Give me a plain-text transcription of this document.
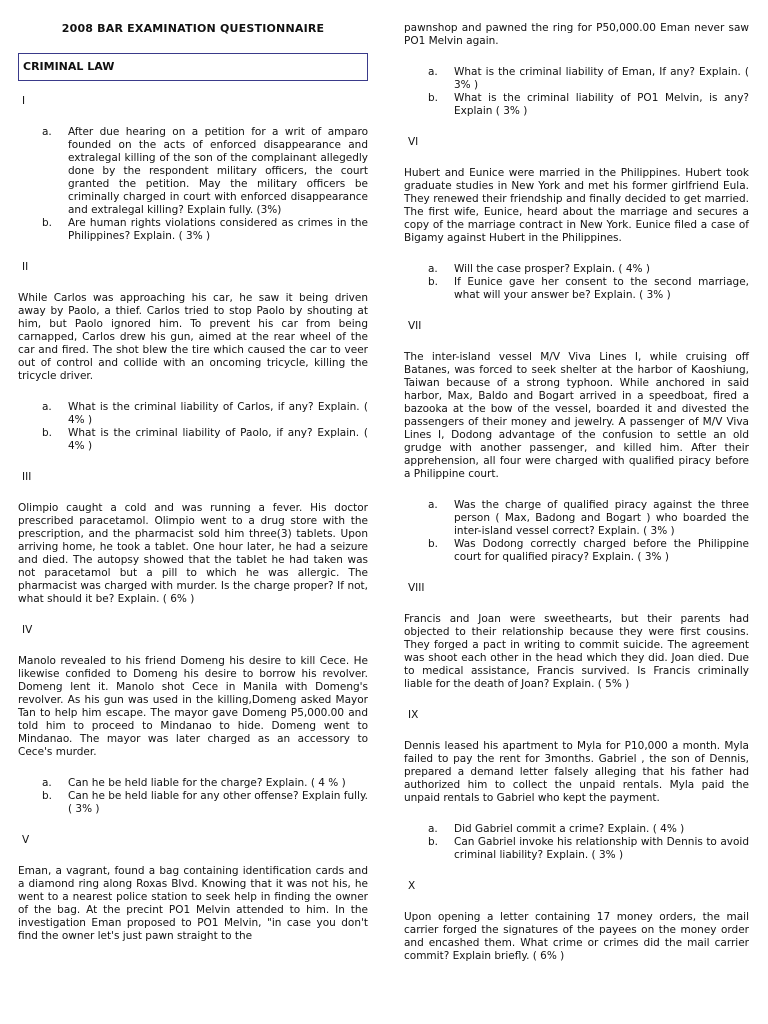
2008 BAR EXAMINATION QUESTIONNAIRE
CRIMINAL LAW
I
a. After due hearing on a petition for a writ of amparo founded on the acts of enforced disappearance and extralegal killing of the son of the complainant allegedly done by the respondent military officers, the court granted the petition. May the military officers be criminally charged in court with enforced disappearance and extralegal killing? Explain fully. (3%)
b. Are human rights violations considered as crimes in the Philippines? Explain. ( 3% )
II
While Carlos was approaching his car, he saw it being driven away by Paolo, a thief. Carlos tried to stop Paolo by shouting at him, but Paolo ignored him. To prevent his car from being carnapped, Carlos drew his gun, aimed at the rear wheel of the car and fired. The shot blew the tire which caused the car to veer out of control and collide with an oncoming tricycle, killing the tricycle driver.
a. What is the criminal liability of Carlos, if any? Explain. ( 4% )
b. What is the criminal liability of Paolo, if any? Explain. ( 4% )
III
Olimpio caught a cold and was running a fever. His doctor prescribed paracetamol. Olimpio went to a drug store with the prescription, and the pharmacist sold him three(3) tablets. Upon arriving home, he took a tablet. One hour later, he had a seizure and died. The autopsy showed that the tablet he had taken was not paracetamol but a pill to which he was allergic. The pharmacist was charged with murder. Is the charge proper? If not, what should it be? Explain. ( 6% )
IV
Manolo revealed to his friend Domeng his desire to kill Cece. He likewise confided to Domeng his desire to borrow his revolver. Domeng lent it. Manolo shot Cece in Manila with Domeng's revolver. As his gun was used in the killing,Domeng asked Mayor Tan to help him escape. The mayor gave Domeng P5,000.00 and told him to proceed to Mindanao to hide. Domeng went to Mindanao. The mayor was later charged as an accessory to Cece's murder.
a. Can he be held liable for the charge? Explain. ( 4 % )
b. Can he be held liable for any other offense? Explain fully. ( 3% )
V
Eman, a vagrant, found a bag containing identification cards and a diamond ring along Roxas Blvd. Knowing that it was not his, he went to a nearest police station to seek help in finding the owner of the bag. At the precint PO1 Melvin attended to him. In the investigation Eman proposed to PO1 Melvin, "in case you don't find the owner let's just pawn straight to the
pawnshop and pawned the ring for P50,000.00 Eman never saw PO1 Melvin again.
a. What is the criminal liability of Eman, If any? Explain. ( 3% )
b. What is the criminal liability of PO1 Melvin, is any? Explain ( 3% )
VI
Hubert and Eunice were married in the Philippines. Hubert took graduate studies in New York and met his former girlfriend Eula. They renewed their friendship and finally decided to get married. The first wife, Eunice, heard about the marriage and secures a copy of the marriage contract in New York. Eunice filed a case of Bigamy against Hubert in the Philippines.
a. Will the case prosper? Explain. ( 4% )
b. If Eunice gave her consent to the second marriage, what will your answer be? Explain. ( 3% )
VII
The inter-island vessel M/V Viva Lines I, while cruising off Batanes, was forced to seek shelter at the harbor of Kaoshiung, Taiwan because of a strong typhoon. While anchored in said harbor, Max, Baldo and Bogart arrived in a speedboat, fired a bazooka at the bow of the vessel, boarded it and divested the passengers of their money and jewelry. A passenger of M/V Viva Lines I, Dodong advantage of the confusion to settle an old grudge with another passenger, and killed him. After their apprehension, all four were charged with qualified piracy before a Philippine court.
a. Was the charge of qualified piracy against the three person ( Max, Badong and Bogart ) who boarded the inter-island vessel correct? Explain. ( 3% )
b. Was Dodong correctly charged before the Philippine court for qualified piracy? Explain. ( 3% )
VIII
Francis and Joan were sweethearts, but their parents had objected to their relationship because they were first cousins. They forged a pact in writing to commit suicide. The agreement was shoot each other in the head which they did. Joan died. Due to medical assistance, Francis survived. Is Francis criminally liable for the death of Joan? Explain. ( 5% )
IX
Dennis leased his apartment to Myla for P10,000 a month. Myla failed to pay the rent for 3months. Gabriel , the son of Dennis, prepared a demand letter falsely alleging that his father had authorized him to collect the unpaid rentals. Myla paid the unpaid rentals to Gabriel who kept the payment.
a. Did Gabriel commit a crime? Explain. ( 4% )
b. Can Gabriel invoke his relationship with Dennis to avoid criminal liability? Explain. ( 3% )
X
Upon opening a letter containing 17 money orders, the mail carrier forged the signatures of the payees on the money order and encashed them. What crime or crimes did the mail carrier commit? Explain briefly. ( 6% )
